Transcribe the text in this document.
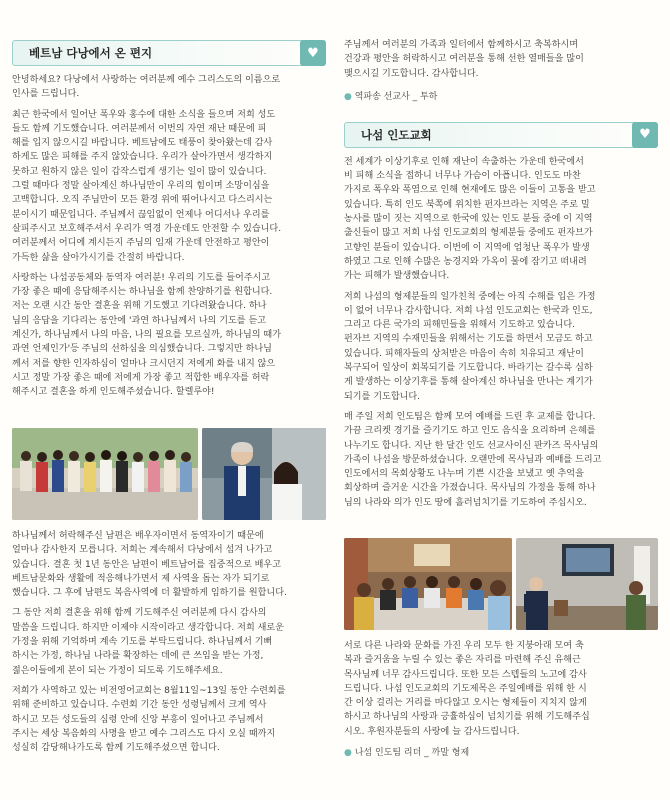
베트남 다낭에서 온 편지	♥

안녕하세요? 다낭에서 사랑하는 여러분께 예수 그리스도의 이름으로

인사를 드립니다.

최근 한국에서 일어난 폭우와 홍수에 대한 소식을 들으며 저희 성도

들도 함께 기도했습니다. 여러분께서 이번의 자연 재난 때문에 피

해를 입지 않으시길 바랍니다. 베트남에도 태풍이 찾아왔는데 감사

하게도 많은 피해를 주지 않았습니다. 우리가 살아가면서 생각하지

못하고 원하지 않은 일이 갑작스럽게 생기는 일이 많이 있습니다.

그럴 때마다 정말 살아계신 하나님만이 우리의 힘이며 소망이심을

고백합니다. 오직 주님만이 모든 환경 위에 뛰어나시고 다스리시는

분이시기 때문입니다. 주님께서 끊임없이 언제나 어디서나 우리를

살피주시고 보호해주셔서 우리가 역경 가운데도 안전할 수 있습니다.

여러분께서 어디에 계시든지 주님의 임재 가운데 안전하고 평안이

가득한 삶을 살아가시기를 간절히 바랍니다.

사랑하는 나섬공동체와 동역자 여러분! 우리의 기도를 들어주시고

가장 좋은 때에 응답해주시는 하나님을 함께 찬양하기를 원합니다.

저는 오랜 시간 동안 결혼을 위해 기도했고 기다려왔습니다. 하나

님의 응답을 기다리는 동안에 '과연 하나님께서 나의 기도를 듣고

계신가, 하나님께서 나의 마음, 나의 필요를 모르실까, 하나님의 때가

과연 언제인가'등 주님의 선하심을 의심했습니다. 그렇지만 하나님

께서 저를 향한 인자하심이 얼마나 크시던지 저에게 화를 내지 않으

시고 정말 가장 좋은 때에 저에게 가장 좋고 적합한 배우자를 허락

해주시고 결혼을 하게 인도해주셨습니다. 할렐루야!

하나님께서 허락해주신 남편은 배우자이면서 동역자이기 때문에

얼마나 감사한지 모릅니다. 저희는 계속해서 다낭에서 섬겨 나가고

있습니다. 결혼 첫 1년 동안은 남편이 베트남어를 집중적으로 배우고

베트남문화와 생활에 적응해나가면서 제 사역을 돕는 자가 되기로

했습니다. 그 후에 남편도 복음사역에 더 활발하게 임하기를 원합니다.

그 동안 저희 결혼을 위해 함께 기도해주신 여러분께 다시 감사의

말씀을 드립니다. 하지만 이제야 시작이라고 생각합니다. 저희 새로운

가정을 위해 기억하며 계속 기도를 부탁드립니다. 하나님께서 기뻐

하시는 가정, 하나님 나라를 확장하는 데에 큰 쓰임을 받는 가정,

젊은이들에게 본이 되는 가정이 되도록 기도해주세요.

저희가 사역하고 있는 비전영어교회는 8월11일~13일 동안 수련회를

위해 준비하고 있습니다. 수련회 기간 동안 성령님께서 크게 역사

하시고 모든 성도들의 심령 안에 신앙 부흥이 일어나고 주님께서

주시는 세상 복음화의 사명을 받고 예수 그리스도 다시 오실 때까지

성실히 감당해나가도록 함께 기도해주셨으면 합니다.

주님께서 여러분의 가족과 일터에서 함께하시고 축복하시며

건강과 평안을 허락하시고 여러분을 통해 선한 열매들을 많이

맺으시길 기도합니다. 감사합니다.

● 역파송 선교사 _ 투하
나섬 인도교회	♥

전 세계가 이상기후로 인해 재난이 속출하는 가운데 한국에서

비 피해 소식을 접하니 너무나 가슴이 아픕니다. 인도도 마찬

가지로 폭우와 폭염으로 인해 현재에도 많은 이들이 고통을 받고

있습니다. 특히 인도 북쪽에 위치한 펀자브라는 지역은 주로 밀

농사를 많이 짓는 지역으로 한국에 있는 인도 분들 중에 이 지역

출신들이 많고 저희 나섬 인도교회의 형제분들 중에도 펀자브가

고향인 분들이 있습니다. 이번에 이 지역에 엄청난 폭우가 발생

하였고 그로 인해 수많은 농경지와 가옥이 물에 잠기고 떠내려

가는 피해가 발생했습니다.

저희 나섬의 형제분들의 일가친척 중에는 아직 수해를 입은 가정

이 없어 너무나 감사합니다. 저희 나섬 인도교회는 한국과 인도,

그리고 다른 국가의 피해민들을 위해서 기도하고 있습니다.

펀자브 지역의 수재민들을 위해서는 기도를 하면서 모금도 하고

있습니다. 피해자들의 상처받은 마음이 속히 치유되고 재난이

복구되어 일상이 회복되기를 기도합니다. 바라기는 갈수록 심하

게 발생하는 이상기후를 통해 살아계신 하나님을 만나는 계기가

되기를 기도합니다.

매 주일 저희 인도팀은 함께 모여 예배를 드린 후 교제를 합니다.

가끔 크리켓 경기를 즐기기도 하고 인도 음식을 요리하며 은혜를

나누기도 합니다. 지난 한 달간 인도 선교사이신 판카즈 목사님의

가족이 나섬을 방문하셨습니다. 오랜만에 목사님과 예배를 드리고

인도에서의 목회상황도 나누며 기쁜 시간을 보냈고 옛 추억을

회상하며 즐거운 시간을 가졌습니다. 목사님의 가정을 통해 하나

님의 나라와 의가 인도 땅에 흘러넘치기를 기도하여 주십시오.

서로 다른 나라와 문화를 가진 우리 모두 한 지붕아래 모여 축

복과 즐거움을 누릴 수 있는 좋은 자리를 마련해 주신 유해근

목사님께 너무 감사드립니다. 또한 모든 스텝들의 노고에 감사

드립니다. 나섬 인도교회의 기도제목은 주일예배를 위해 한 시

간 이상 걸리는 거리를 마다않고 오시는 형제들이 지치지 않게

하시고 하나님의 사랑과 긍휼하심이 넘치기를 위해 기도해주십

시오. 후원자분들의 사랑에 늘 감사드립니다.

● 나섬 인도팀 리더 _ 까말 형제
